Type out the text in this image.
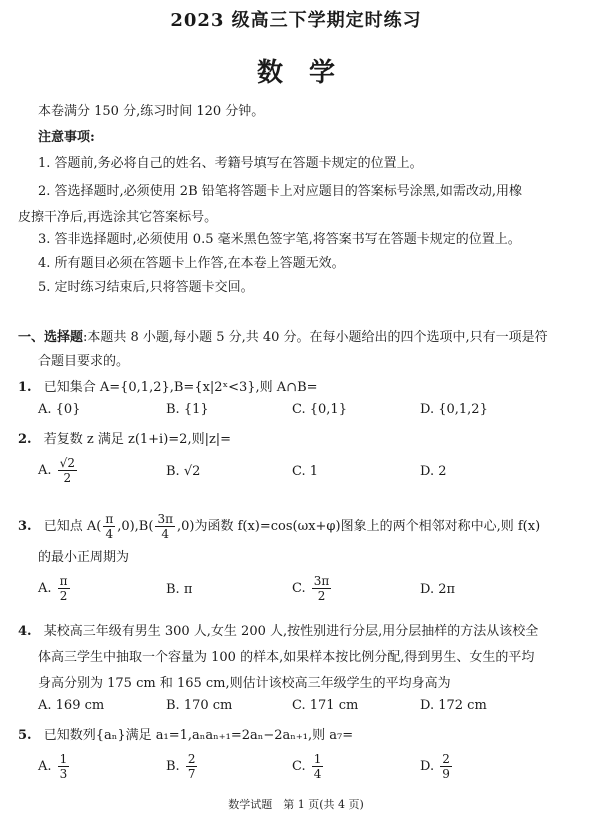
2023 级高三下学期定时练习
数学
本卷满分 150 分,练习时间 120 分钟。
注意事项:
1. 答题前,务必将自己的姓名、考籍号填写在答题卡规定的位置上。
2. 答选择题时,必须使用 2B 铅笔将答题卡上对应题目的答案标号涂黑,如需改动,用橡
皮擦干净后,再选涂其它答案标号。
3. 答非选择题时,必须使用 0.5 毫米黑色签字笔,将答案书写在答题卡规定的位置上。
4. 所有题目必须在答题卡上作答,在本卷上答题无效。
5. 定时练习结束后,只将答题卡交回。
一、选择题:本题共 8 小题,每小题 5 分,共 40 分。在每小题给出的四个选项中,只有一项是符
合题目要求的。
1. 已知集合 A={0,1,2},B={x|2ˣ<3},则 A∩B=
A. {0}	B. {1}	C. {0,1}	D. {0,1,2}
2. 若复数 z 满足 z(1+i)=2,则|z|=
A. $\frac{√2}{2}$	B. √2	C. 1	D. 2
3. 已知点 $A( \frac{\pi}{4} ,0),B( \frac{3\pi}{4} ,0)$为函数 f(x)=cos(ωx+φ)图象上的两个相邻对称中心,则 f(x)
的最小正周期为
A. $\frac{\pi}{2}$	B. π	C. $\frac{3\pi}{2}$	D. 2π
4. 某校高三年级有男生 300 人,女生 200 人,按性别进行分层,用分层抽样的方法从该校全
体高三学生中抽取一个容量为 100 的样本,如果样本按比例分配,得到男生、女生的平均
身高分别为 175 cm 和 165 cm,则估计该校高三年级学生的平均身高为
A. 169 cm	B. 170 cm	C. 171 cm	D. 172 cm
5. 已知数列{aₙ}满足 a₁=1,aₙaₙ₊₁=2aₙ−2aₙ₊₁,则 a₇=
A. $\frac{1}{3}$	B. $\frac{2}{7}$	C. $\frac{1}{4}$	D. $\frac{2}{9}$
数学试题　第 1 页(共 4 页)
